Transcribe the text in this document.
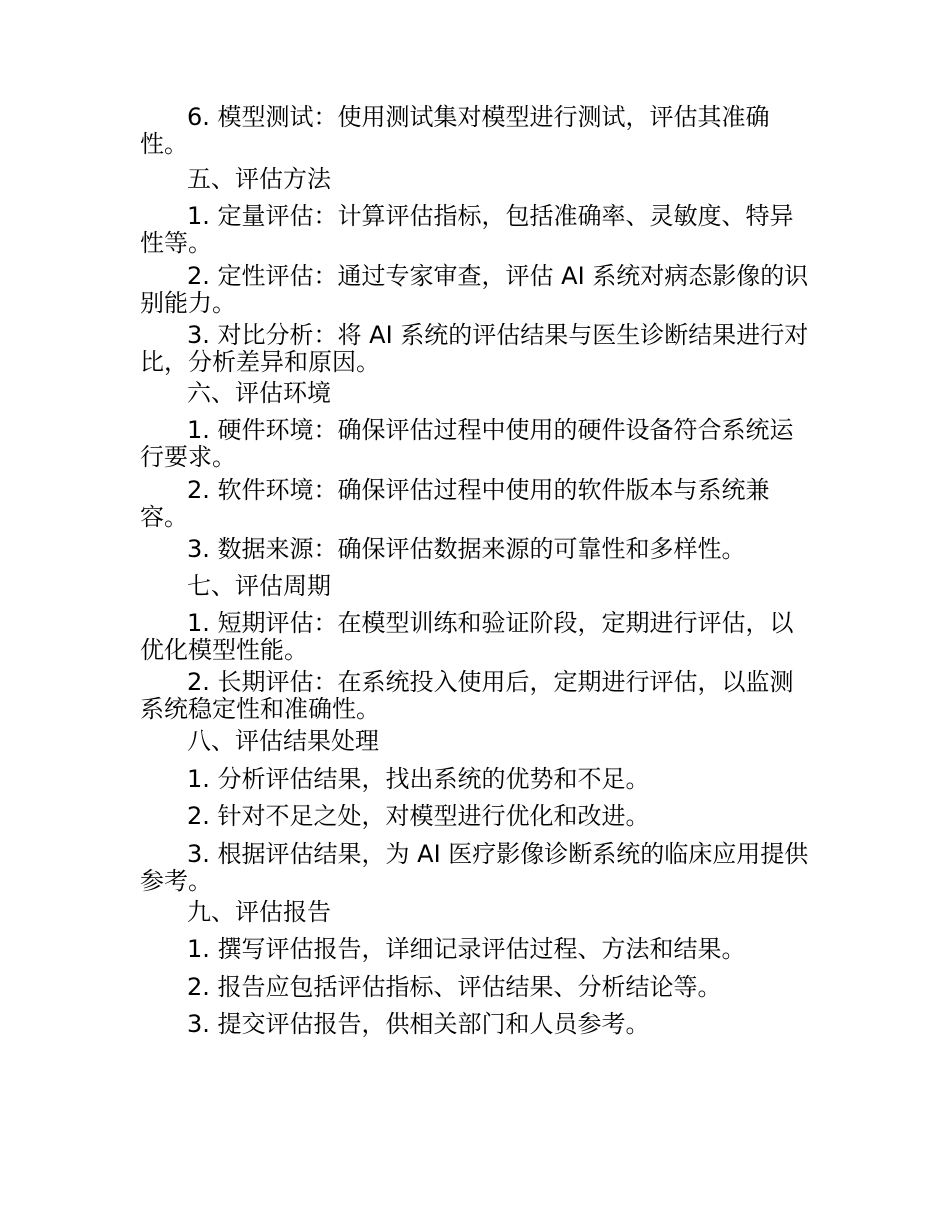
6. 模型测试：使用测试集对模型进行测试，评估其准确性。

五、评估方法

1. 定量评估：计算评估指标，包括准确率、灵敏度、特异性等。

2. 定性评估：通过专家审查，评估 AI 系统对病态影像的识别能力。

3. 对比分析：将 AI 系统的评估结果与医生诊断结果进行对比，分析差异和原因。

六、评估环境

1. 硬件环境：确保评估过程中使用的硬件设备符合系统运行要求。

2. 软件环境：确保评估过程中使用的软件版本与系统兼容。

3. 数据来源：确保评估数据来源的可靠性和多样性。

七、评估周期

1. 短期评估：在模型训练和验证阶段，定期进行评估，以优化模型性能。

2. 长期评估：在系统投入使用后，定期进行评估，以监测系统稳定性和准确性。

八、评估结果处理

1. 分析评估结果，找出系统的优势和不足。

2. 针对不足之处，对模型进行优化和改进。

3. 根据评估结果，为 AI 医疗影像诊断系统的临床应用提供参考。

九、评估报告

1. 撰写评估报告，详细记录评估过程、方法和结果。

2. 报告应包括评估指标、评估结果、分析结论等。

3. 提交评估报告，供相关部门和人员参考。
